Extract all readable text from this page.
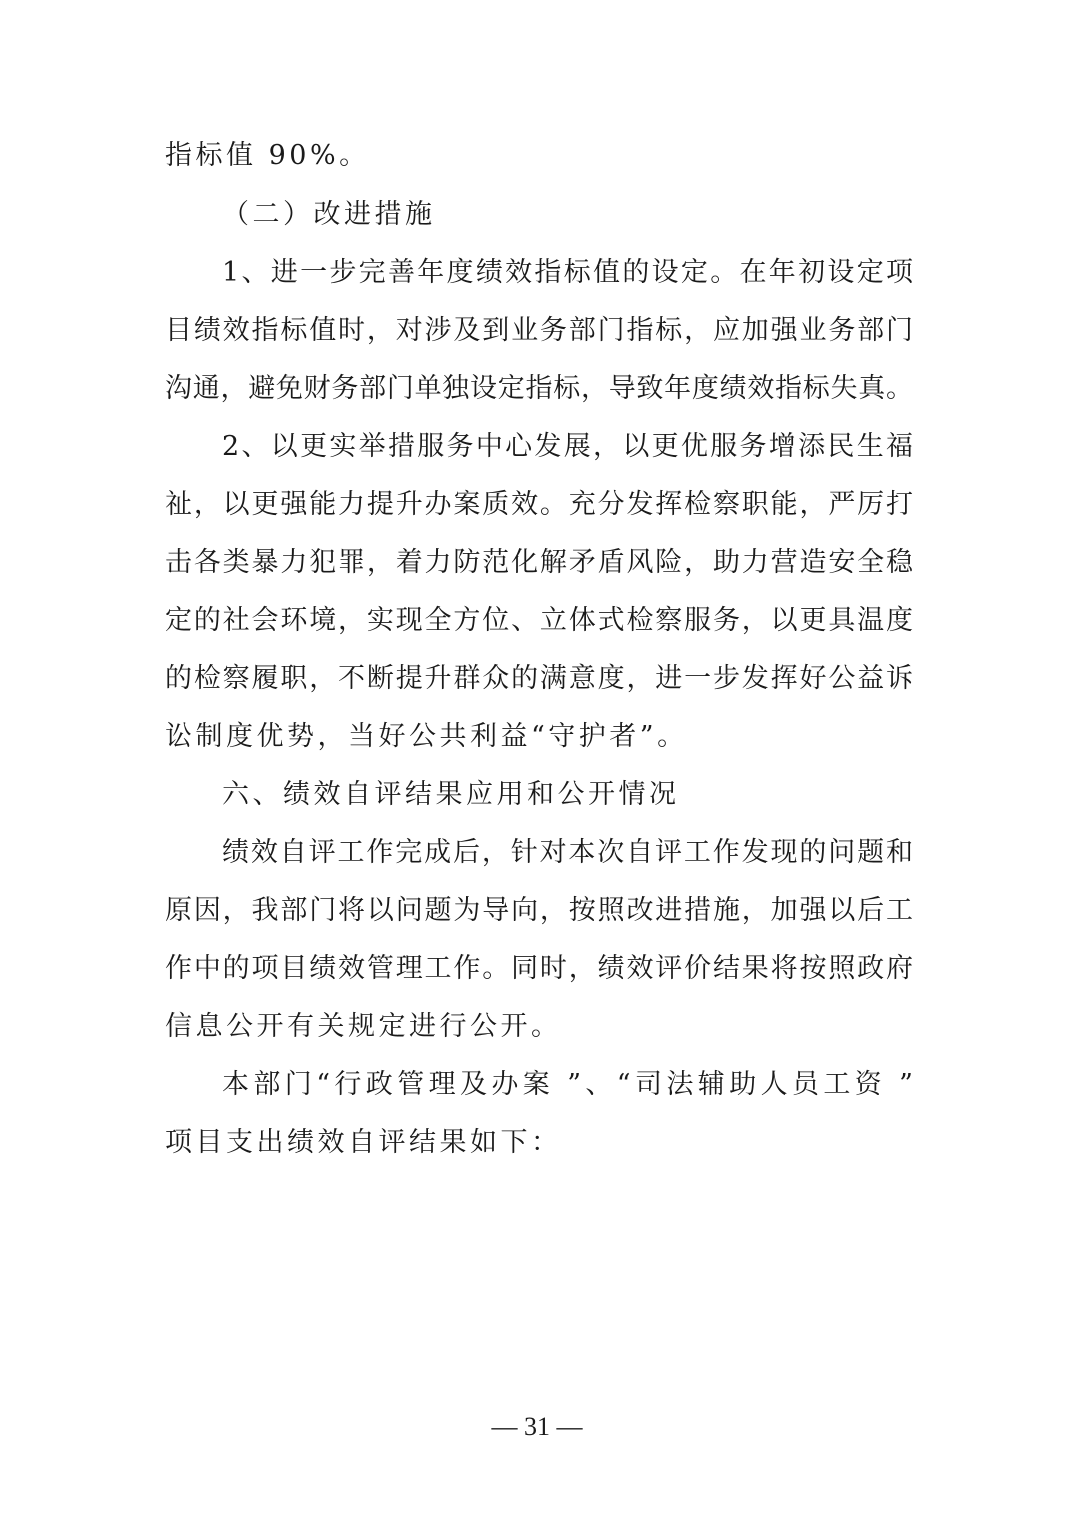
指标值 90%。
（二）改进措施
1、进一步完善年度绩效指标值的设定。在年初设定项
目绩效指标值时，对涉及到业务部门指标，应加强业务部门
沟通，避免财务部门单独设定指标，导致年度绩效指标失真。
2、以更实举措服务中心发展，以更优服务增添民生福
祉，以更强能力提升办案质效。充分发挥检察职能，严厉打
击各类暴力犯罪，着力防范化解矛盾风险，助力营造安全稳
定的社会环境，实现全方位、立体式检察服务，以更具温度
的检察履职，不断提升群众的满意度，进一步发挥好公益诉
讼制度优势，当好公共利益“守护者”。
六、绩效自评结果应用和公开情况
绩效自评工作完成后，针对本次自评工作发现的问题和
原因，我部门将以问题为导向，按照改进措施，加强以后工
作中的项目绩效管理工作。同时，绩效评价结果将按照政府
信息公开有关规定进行公开。
本部门“行政管理及办案 ”、“司法辅助人员工资 ”
项目支出绩效自评结果如下：
— 31 —
